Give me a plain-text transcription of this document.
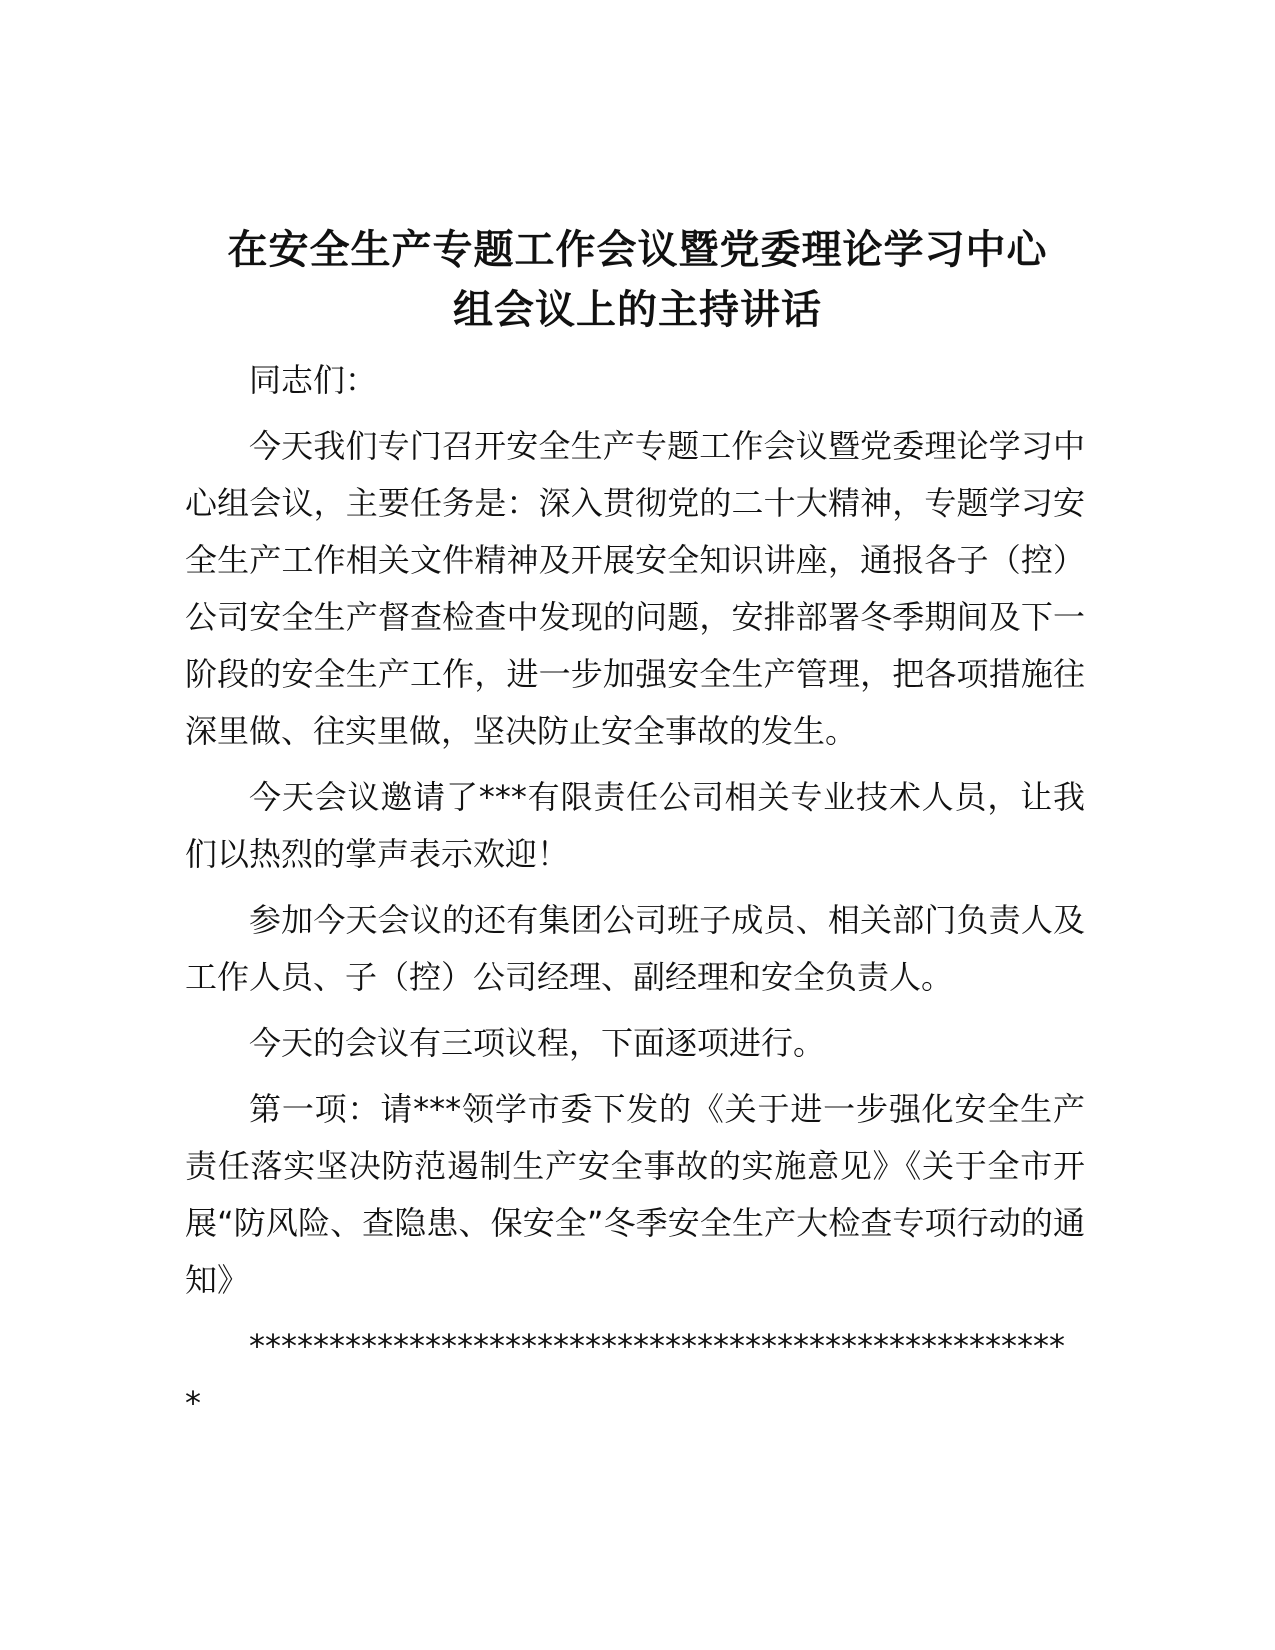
在安全生产专题工作会议暨党委理论学习中心
组会议上的主持讲话

同志们：

今天我们专门召开安全生产专题工作会议暨党委理论学习中心组会议，主要任务是：深入贯彻党的二十大精神，专题学习安全生产工作相关文件精神及开展安全知识讲座，通报各子（控）公司安全生产督查检查中发现的问题，安排部署冬季期间及下一阶段的安全生产工作，进一步加强安全生产管理，把各项措施往深里做、往实里做，坚决防止安全事故的发生。

今天会议邀请了***有限责任公司相关专业技术人员，让我们以热烈的掌声表示欢迎！

参加今天会议的还有集团公司班子成员、相关部门负责人及工作人员、子（控）公司经理、副经理和安全负责人。

今天的会议有三项议程，下面逐项进行。

第一项：请***领学市委下发的《关于进一步强化安全生产责任落实坚决防范遏制生产安全事故的实施意见》《关于全市开展“防风险、查隐患、保安全”冬季安全生产大检查专项行动的通知》

*************************************************** *
